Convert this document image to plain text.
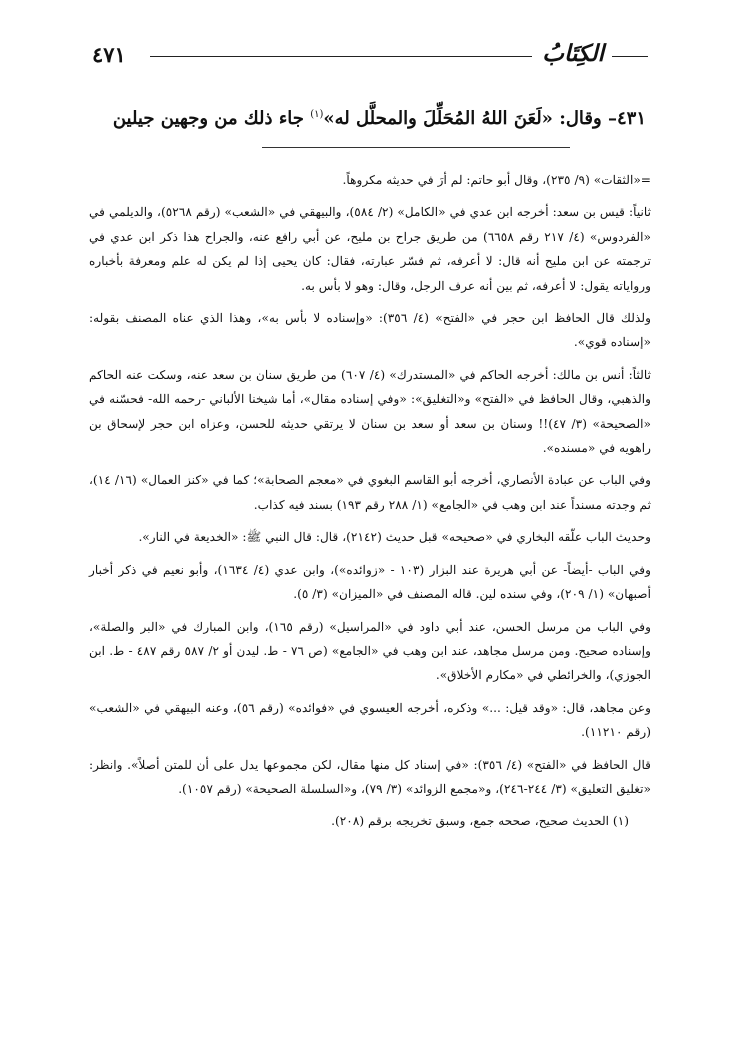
٤٧١	الكِتَابُ
٤٣١– وقال: «لَعَنَ اللهُ المُحَلِّلَ والمحلَّل له»$^{(١)}$ جاء ذلك من وجهين جيلين

=«الثقات» (٩/ ٢٣٥)، وقال أبو حاتم: لم أرَ في حديثه مكروهاً.

ثانياً: قيس بن سعد: أخرجه ابن عدي في «الكامل» (٢/ ٥٨٤)، والبيهقي في «الشعب» (رقم ٥٢٦٨)، والديلمي في «الفردوس» (٤/ ٢١٧ رقم ٦٦٥٨) من طريق جراح بن مليح، عن أبي رافع عنه، والجراح هذا ذكر ابن عدي في ترجمته عن ابن مليح أنه قال: لا أعرفه، ثم فسّر عبارته، فقال: كان يحيى إذا لم يكن له علم ومعرفة بأخباره ورواياته يقول: لا أعرفه، ثم بين أنه عرف الرجل، وقال: وهو لا بأس به.

ولذلك قال الحافظ ابن حجر في «الفتح» (٤/ ٣٥٦): «وإسناده لا بأس به»، وهذا الذي عناه المصنف بقوله: «إسناده قوي».

ثالثاً: أنس بن مالك: أخرجه الحاكم في «المستدرك» (٤/ ٦٠٧) من طريق سنان بن سعد عنه، وسكت عنه الحاكم والذهبي، وقال الحافظ في «الفتح» و«التغليق»: «وفي إسناده مقال»، أما شيخنا الألباني -رحمه الله- فحسّنه في «الصحيحة» (٣/ ٤٧)!! وسنان بن سعد أو سعد بن سنان لا يرتقي حديثه للحسن، وعزاه ابن حجر لإسحاق بن راهويه في «مسنده».

وفي الباب عن عبادة الأنصاري، أخرجه أبو القاسم البغوي في «معجم الصحابة»؛ كما في «كنز العمال» (١٦/ ١٤)، ثم وجدته مسنداً عند ابن وهب في «الجامع» (١/ ٢٨٨ رقم ١٩٣) بسند فيه كذاب.

وحديث الباب علّقه البخاري في «صحيحه» قبل حديث (٢١٤٢)، قال: قال النبي ﷺ: «الخديعة في النار».

وفي الباب -أيضاً- عن أبي هريرة عند البزار (١٠٣ - «زوائده»)، وابن عدي (٤/ ١٦٣٤)، وأبو نعيم في ذكر أخبار أصبهان» (١/ ٢٠٩)، وفي سنده لين. قاله المصنف في «الميزان» (٣/ ٥).

وفي الباب من مرسل الحسن، عند أبي داود في «المراسيل» (رقم ١٦٥)، وابن المبارك في «البر والصلة»، وإسناده صحيح. ومن مرسل مجاهد، عند ابن وهب في «الجامع» (ص ٧٦ - ط. ليدن أو ٢/ ٥٨٧ رقم ٤٨٧ - ط. ابن الجوزي)، والخرائطي في «مكارم الأخلاق».

وعن مجاهد، قال: «وقد قيل: ...» وذكره، أخرجه العيسوي في «فوائده» (رقم ٥٦)، وعنه البيهقي في «الشعب» (رقم ١١٢١٠).

قال الحافظ في «الفتح» (٤/ ٣٥٦): «في إسناد كل منها مقال، لكن مجموعها يدل على أن للمتن أصلاً». وانظر: «تغليق التعليق» (٣/ ٢٤٤-٢٤٦)، و«مجمع الزوائد» (٣/ ٧٩)، و«السلسلة الصحيحة» (رقم ١٠٥٧).

(١) الحديث صحيح، صححه جمع، وسبق تخريجه برقم (٢٠٨).
